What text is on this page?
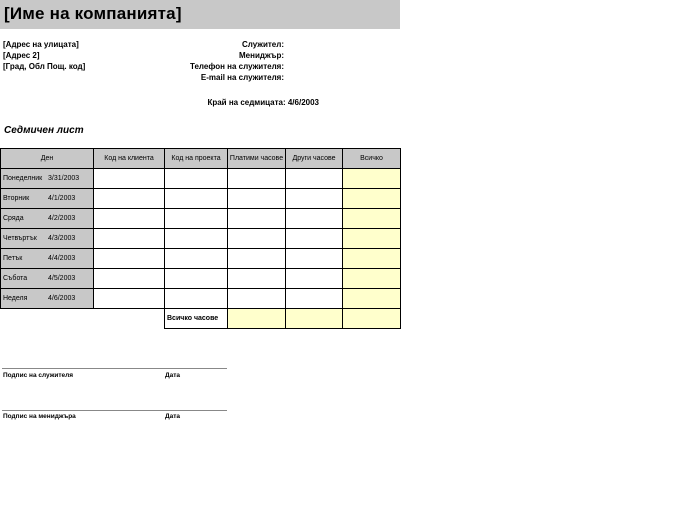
[Име на компанията]
[Адрес на улицата]
[Адрес 2]
[Град, Обл Пощ. код]
Служител:
Мениджър:
Телефон на служителя:
E-mail на служителя:
Край на седмицата: 4/6/2003
Седмичен лист
Ден	Код на клиента	Код на проекта	Платими часове	Други часове	Всичко

Понеделник 3/31/2003					

Вторник 4/1/2003					

Сряда 4/2/2003					

Четвъртък 4/3/2003					

Петък 4/4/2003					

Събота 4/5/2003					

Неделя 4/6/2003					

		Всичко часове			
Подпис на служителя	Дата
Подпис на мениджъра	Дата
